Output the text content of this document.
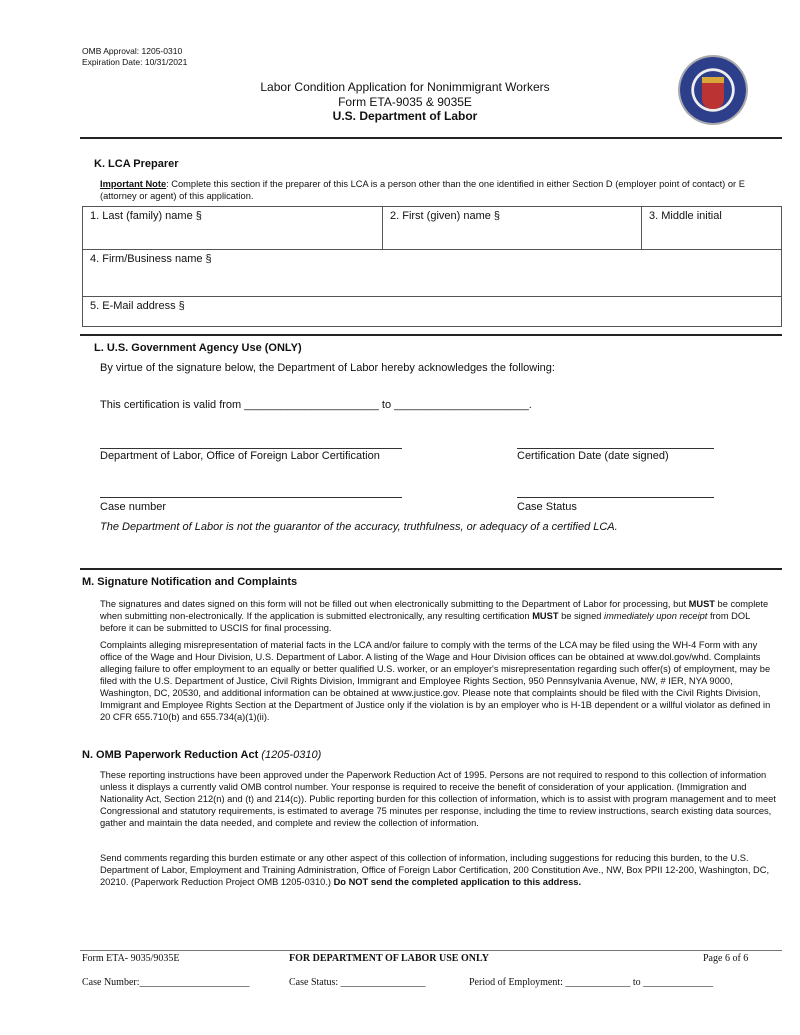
OMB Approval: 1205-0310
Expiration Date: 10/31/2021
Labor Condition Application for Nonimmigrant Workers
Form ETA-9035 & 9035E
U.S. Department of Labor
K. LCA Preparer
Important Note: Complete this section if the preparer of this LCA is a person other than the one identified in either Section D (employer point of contact) or E (attorney or agent) of this application.
1. Last (family) name §	2. First (given) name §	3. Middle initial
4. Firm/Business name §
5. E-Mail address §
L. U.S. Government Agency Use (ONLY)
By virtue of the signature below, the Department of Labor hereby acknowledges the following:
This certification is valid from ______________________ to ______________________.
Department of Labor, Office of Foreign Labor Certification	Certification Date (date signed)
Case number	Case Status
The Department of Labor is not the guarantor of the accuracy, truthfulness, or adequacy of a certified LCA.
M. Signature Notification and Complaints
The signatures and dates signed on this form will not be filled out when electronically submitting to the Department of Labor for processing, but MUST be complete when submitting non-electronically. If the application is submitted electronically, any resulting certification MUST be signed immediately upon receipt from DOL before it can be submitted to USCIS for final processing.
Complaints alleging misrepresentation of material facts in the LCA and/or failure to comply with the terms of the LCA may be filed using the WH-4 Form with any office of the Wage and Hour Division, U.S. Department of Labor. A listing of the Wage and Hour Division offices can be obtained at www.dol.gov/whd. Complaints alleging failure to offer employment to an equally or better qualified U.S. worker, or an employer's misrepresentation regarding such offer(s) of employment, may be filed with the U.S. Department of Justice, Civil Rights Division, Immigrant and Employee Rights Section, 950 Pennsylvania Avenue, NW, # IER, NYA 9000, Washington, DC, 20530, and additional information can be obtained at www.justice.gov. Please note that complaints should be filed with the Civil Rights Division, Immigrant and Employee Rights Section at the Department of Justice only if the violation is by an employer who is H-1B dependent or a willful violator as defined in 20 CFR 655.710(b) and 655.734(a)(1)(ii).
N. OMB Paperwork Reduction Act (1205-0310)
These reporting instructions have been approved under the Paperwork Reduction Act of 1995. Persons are not required to respond to this collection of information unless it displays a currently valid OMB control number. Your response is required to receive the benefit of consideration of your application. (Immigration and Nationality Act, Section 212(n) and (t) and 214(c)). Public reporting burden for this collection of information, which is to assist with program management and to meet Congressional and statutory requirements, is estimated to average 75 minutes per response, including the time to review instructions, search existing data sources, gather and maintain the data needed, and complete and review the collection of information.
Send comments regarding this burden estimate or any other aspect of this collection of information, including suggestions for reducing this burden, to the U.S. Department of Labor, Employment and Training Administration, Office of Foreign Labor Certification, 200 Constitution Ave., NW, Box PPII 12-200, Washington, DC, 20210. (Paperwork Reduction Project OMB 1205-0310.) Do NOT send the completed application to this address.
Form ETA- 9035/9035E	FOR DEPARTMENT OF LABOR USE ONLY	Page 6 of 6
Case Number:______________________	Case Status: _________________	Period of Employment: _____________ to ______________
